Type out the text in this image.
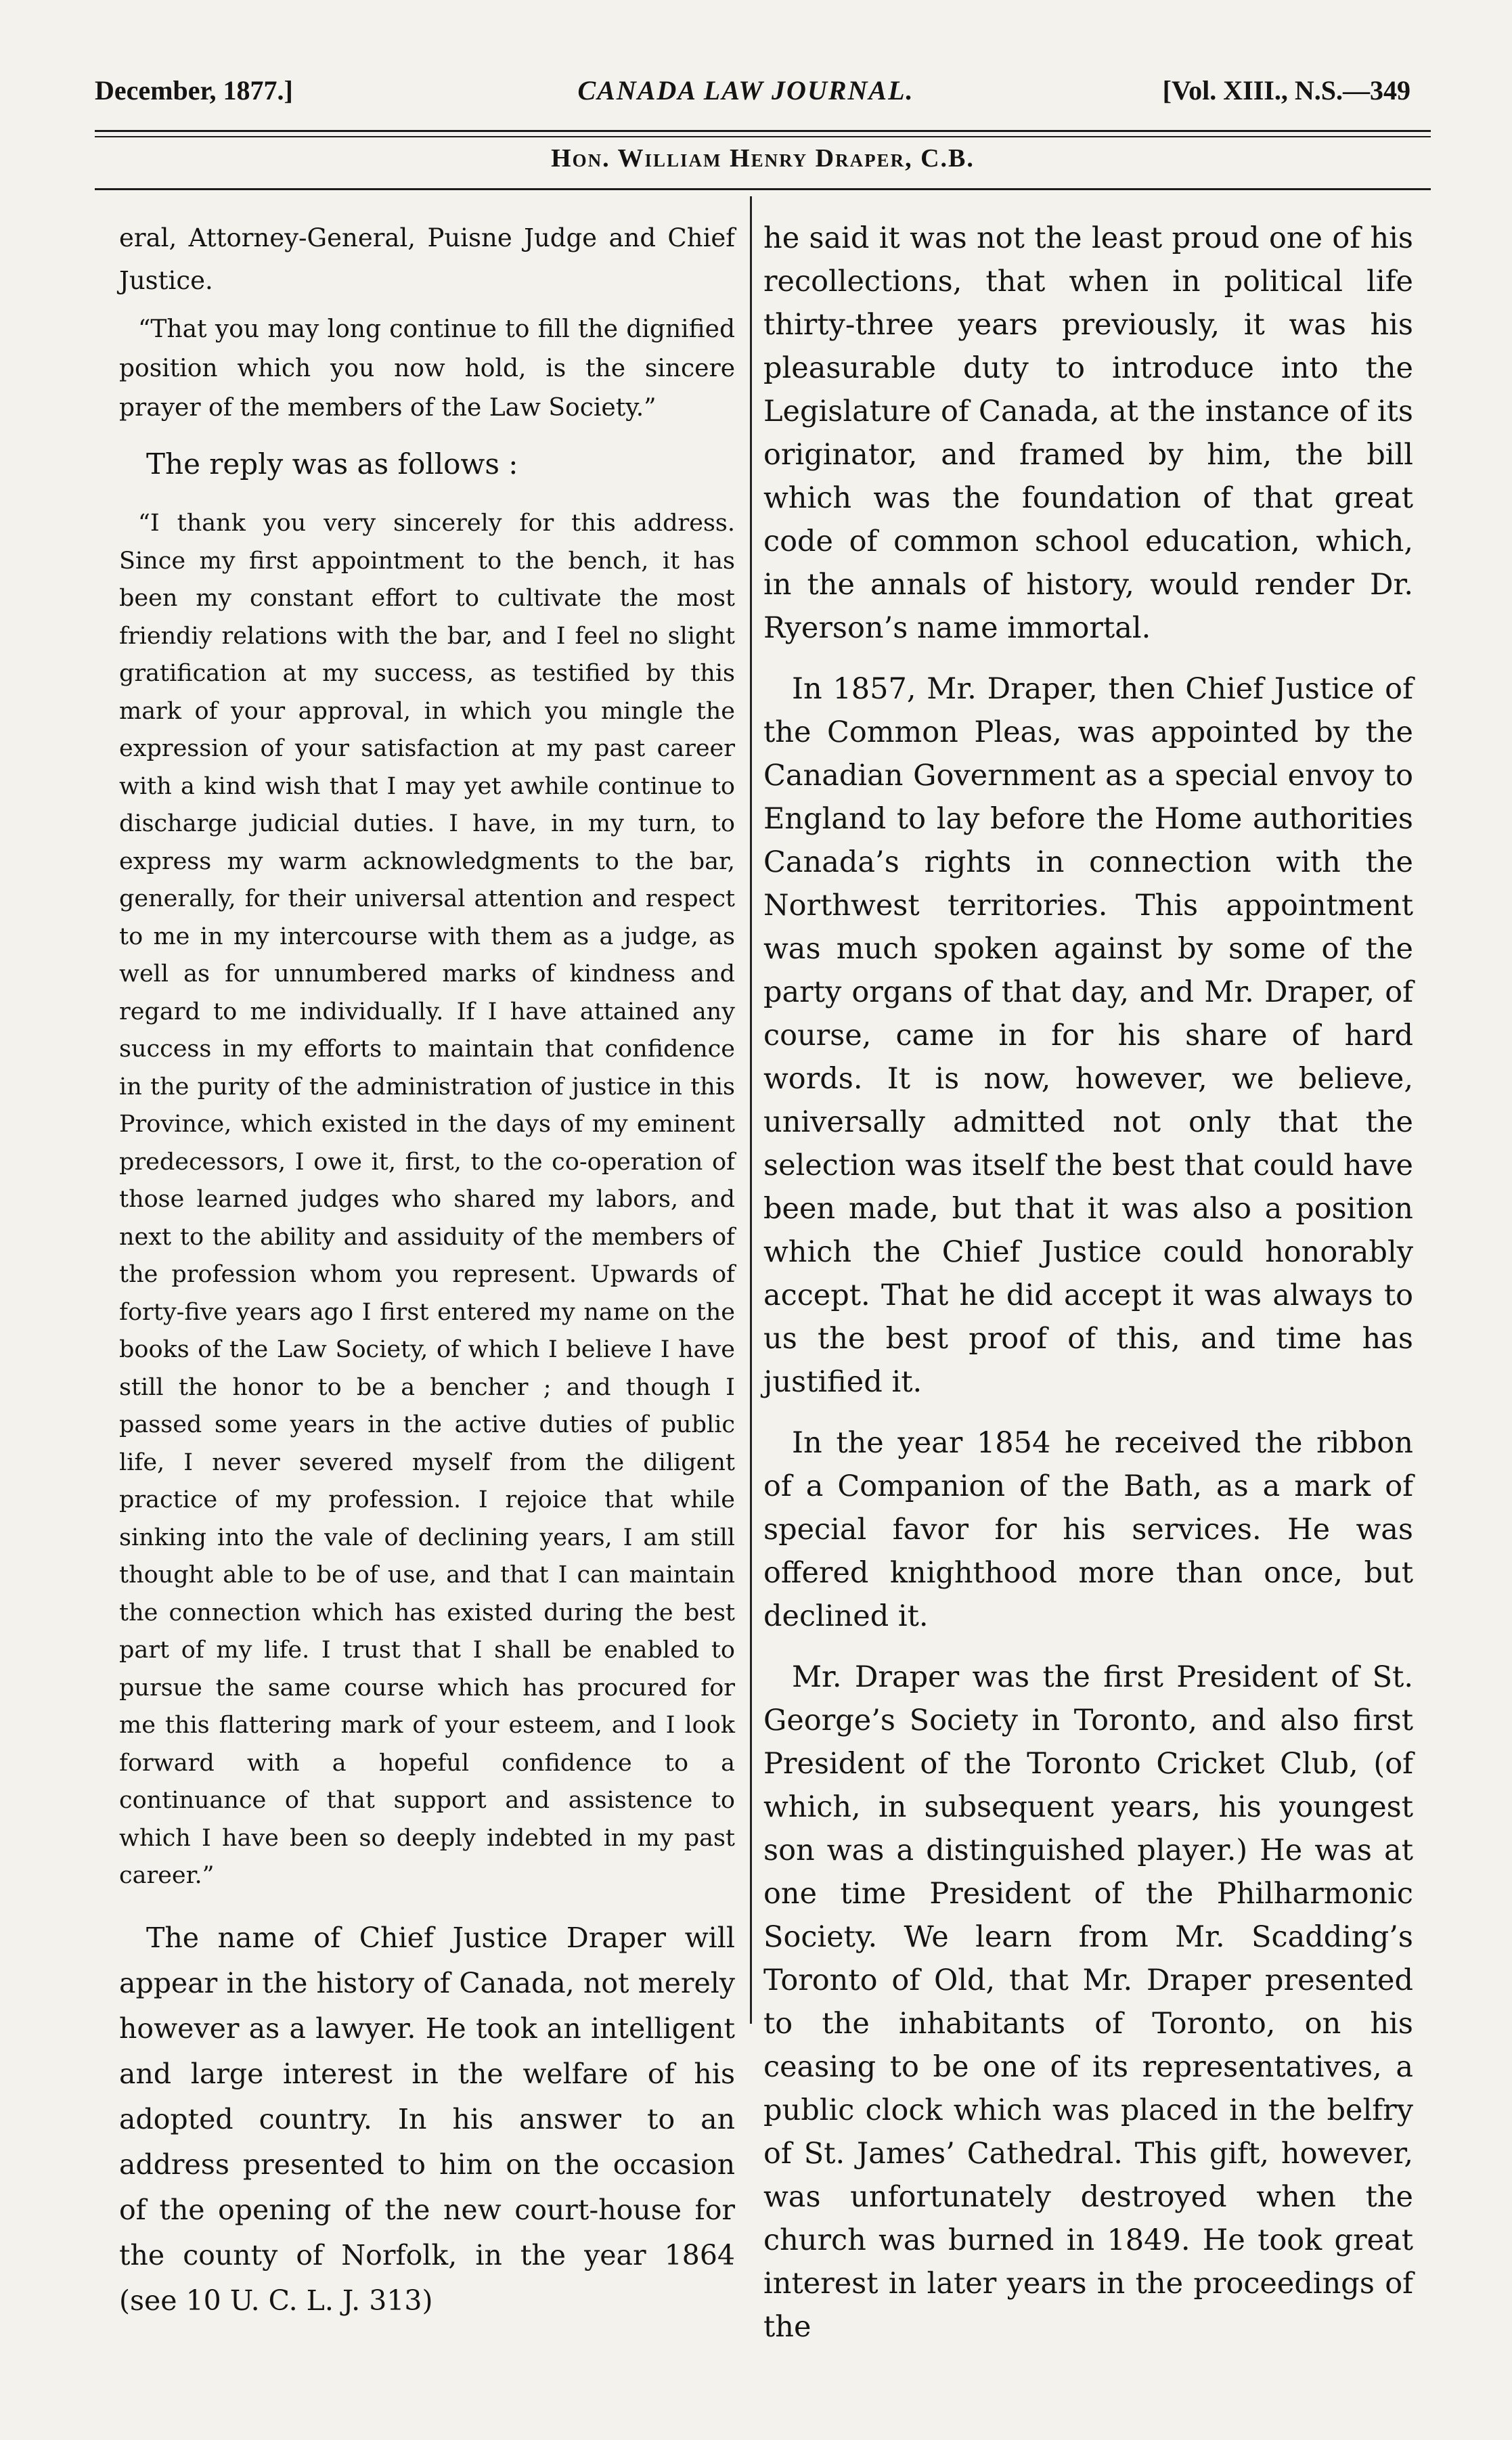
December, 1877.]	CANADA LAW JOURNAL.	[Vol. XIII., N.S.—349
Hon. William Henry Draper, C.B.

eral, Attorney-General, Puisne Judge and Chief Justice.

“That you may long continue to fill the dignified position which you now hold, is the sincere prayer of the members of the Law Society.”

The reply was as follows :

“I thank you very sincerely for this address. Since my first appointment to the bench, it has been my constant effort to cultivate the most friendiy relations with the bar, and I feel no slight gratification at my success, as testified by this mark of your approval, in which you mingle the expression of your satisfaction at my past career with a kind wish that I may yet awhile continue to discharge judicial duties. I have, in my turn, to express my warm acknowledgments to the bar, generally, for their universal attention and respect to me in my intercourse with them as a judge, as well as for unnumbered marks of kindness and regard to me individually. If I have attained any success in my efforts to maintain that confidence in the purity of the administration of justice in this Province, which existed in the days of my eminent predecessors, I owe it, first, to the co-operation of those learned judges who shared my labors, and next to the ability and assiduity of the members of the profession whom you represent. Upwards of forty-five years ago I first entered my name on the books of the Law Society, of which I believe I have still the honor to be a bencher ; and though I passed some years in the active duties of public life, I never severed myself from the diligent practice of my profession. I rejoice that while sinking into the vale of declining years, I am still thought able to be of use, and that I can maintain the connection which has existed during the best part of my life. I trust that I shall be enabled to pursue the same course which has procured for me this flattering mark of your esteem, and I look forward with a hopeful confidence to a continuance of that support and assistence to which I have been so deeply indebted in my past career.”

The name of Chief Justice Draper will appear in the history of Canada, not merely however as a lawyer. He took an intelligent and large interest in the welfare of his adopted country. In his answer to an address presented to him on the occasion of the opening of the new court-house for the county of Norfolk, in the year 1864 (see 10 U. C. L. J. 313)

he said it was not the least proud one of his recollections, that when in political life thirty-three years previously, it was his pleasurable duty to introduce into the Legislature of Canada, at the instance of its originator, and framed by him, the bill which was the foundation of that great code of common school education, which, in the annals of history, would render Dr. Ryerson’s name immortal.

In 1857, Mr. Draper, then Chief Justice of the Common Pleas, was appointed by the Canadian Government as a special envoy to England to lay before the Home authorities Canada’s rights in connection with the Northwest territories. This appointment was much spoken against by some of the party organs of that day, and Mr. Draper, of course, came in for his share of hard words. It is now, however, we believe, universally admitted not only that the selection was itself the best that could have been made, but that it was also a position which the Chief Justice could honorably accept. That he did accept it was always to us the best proof of this, and time has justified it.

In the year 1854 he received the ribbon of a Companion of the Bath, as a mark of special favor for his services. He was offered knighthood more than once, but declined it.

Mr. Draper was the first President of St. George’s Society in Toronto, and also first President of the Toronto Cricket Club, (of which, in subsequent years, his youngest son was a distinguished player.) He was at one time President of the Philharmonic Society. We learn from Mr. Scadding’s Toronto of Old, that Mr. Draper presented to the inhabitants of Toronto, on his ceasing to be one of its representatives, a public clock which was placed in the belfry of St. James’ Cathedral. This gift, however, was unfortunately destroyed when the church was burned in 1849. He took great interest in later years in the proceedings of the
